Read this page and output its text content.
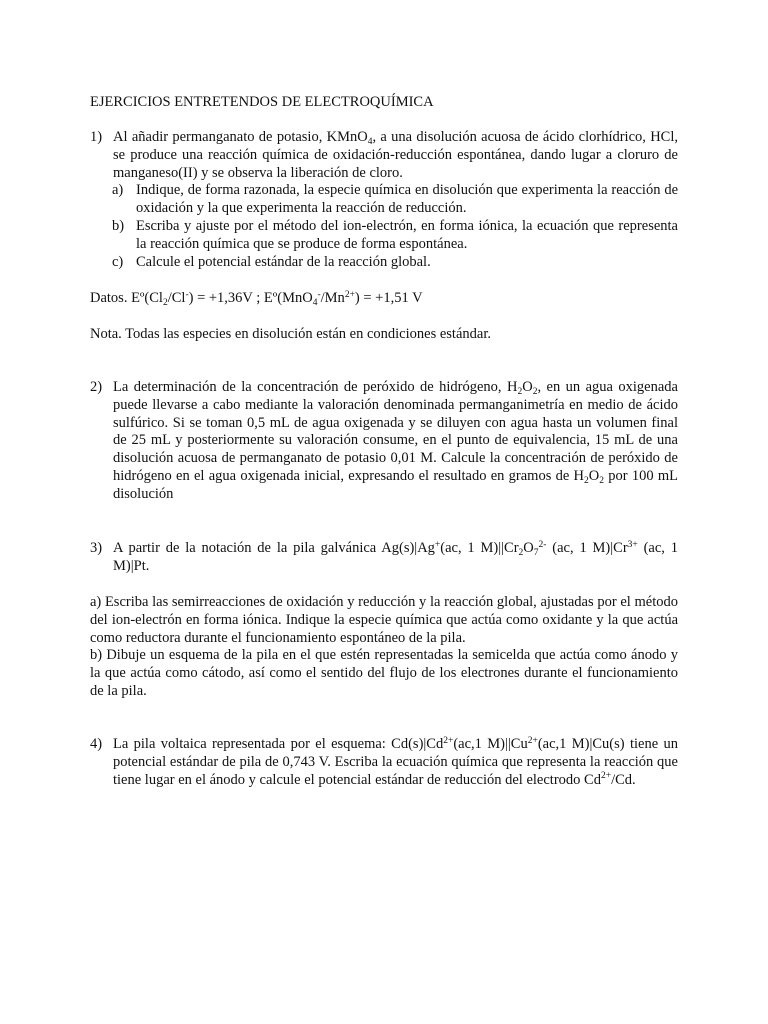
EJERCICIOS ENTRETENDOS DE ELECTROQUÍMICA
1) Al añadir permanganato de potasio, KMnO$_4$, a una disolución acuosa de ácido clorhídrico, HCl, se produce una reacción química de oxidación-reducción espontánea, dando lugar a cloruro de manganeso(II) y se observa la liberación de cloro.

a) Indique, de forma razonada, la especie química en disolución que experimenta la reacción de oxidación y la que experimenta la reacción de reducción.
b) Escriba y ajuste por el método del ion-electrón, en forma iónica, la ecuación que representa la reacción química que se produce de forma espontánea.
c) Calcule el potencial estándar de la reacción global.
Datos. $Eº(Cl_2/Cl^-) = +1,36V$ ; $Eº(MnO_4^-/Mn^{2+}) = +1,51$ V
Nota. Todas las especies en disolución están en condiciones estándar.
2) La determinación de la concentración de peróxido de hidrógeno, $H_2O_2$, en un agua oxigenada puede llevarse a cabo mediante la valoración denominada permanganimetría en medio de ácido sulfúrico. Si se toman 0,5 mL de agua oxigenada y se diluyen con agua hasta un volumen final de 25 mL y posteriormente su valoración consume, en el punto de equivalencia, 15 mL de una disolución acuosa de permanganato de potasio 0,01 M. Calcule la concentración de peróxido de hidrógeno en el agua oxigenada inicial, expresando el resultado en gramos de $H_2O_2$ por 100 mL disolución

3) A partir de la notación de la pila galvánica Ag(s)|Ag+(ac, 1 $M)||Cr_2O_7^{2-}$ (ac, 1 $M)|Cr^{3+}$ (ac, 1 M)|Pt.

a) Escriba las semirreacciones de oxidación y reducción y la reacción global, ajustadas por el método del ion-electrón en forma iónica. Indique la especie química que actúa como oxidante y la que actúa como reductora durante el funcionamiento espontáneo de la pila.
b) Dibuje un esquema de la pila en el que estén representadas la semicelda que actúa como ánodo y la que actúa como cátodo, así como el sentido del flujo de los electrones durante el funcionamiento de la pila.
4) La pila voltaica representada por el esquema: $Cd(s)|Cd^{2+}(ac,1$ $M)||Cu^{2+}(ac,1$ M)|Cu(s) tiene un potencial estándar de pila de 0,743 V. Escriba la ecuación química que representa la reacción que tiene lugar en el ánodo y calcule el potencial estándar de reducción del electrodo $Cd^{2+}/Cd$.
